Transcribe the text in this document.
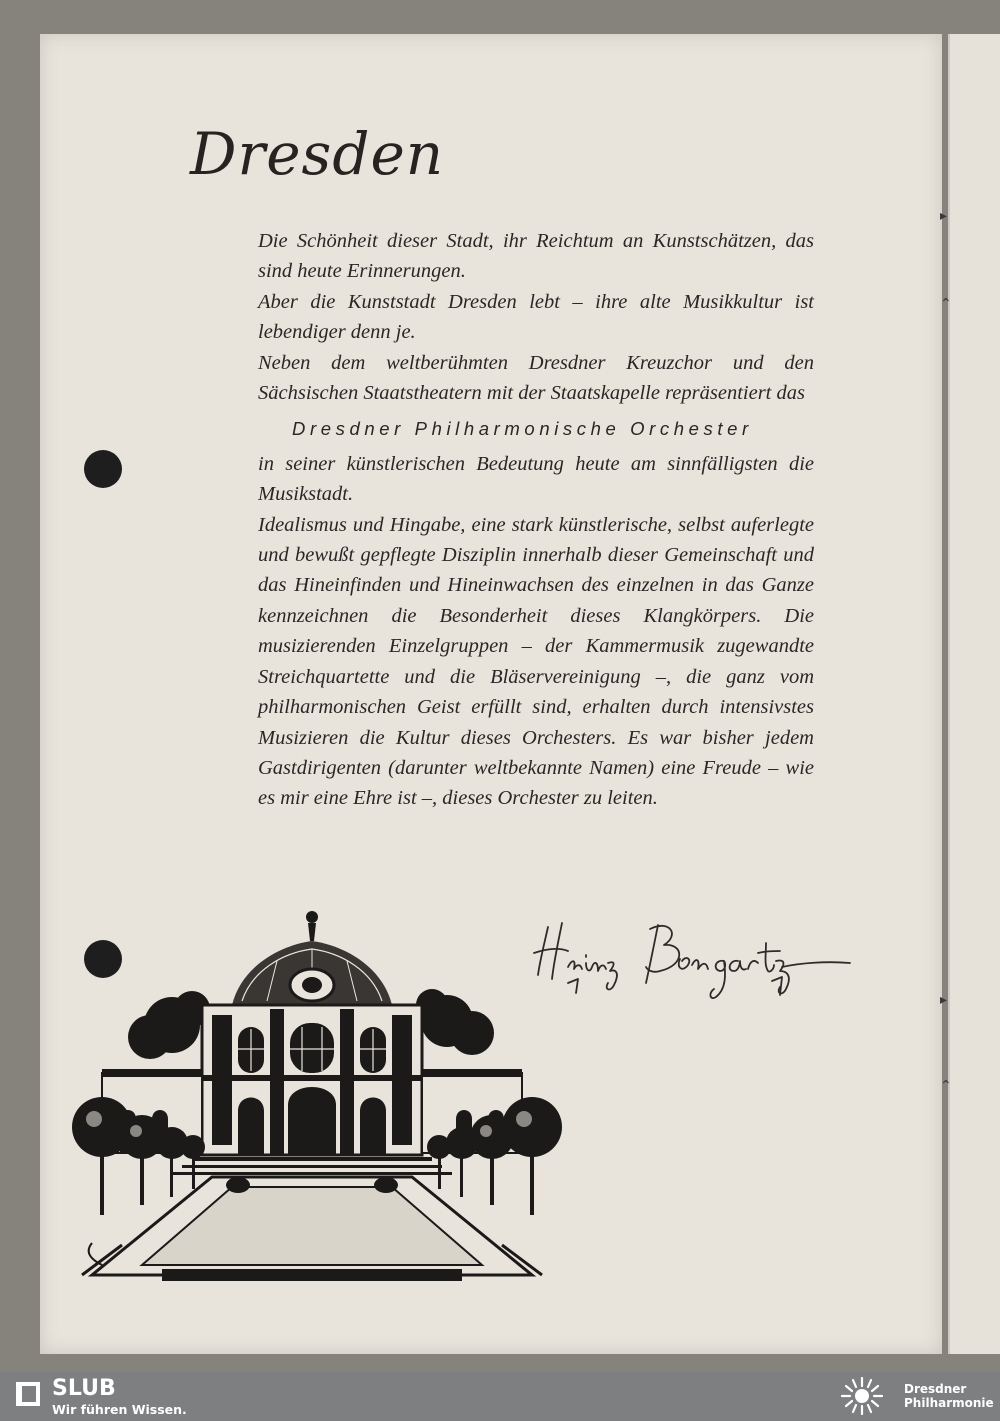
▸
⌃
▸
⌃
Dresden

Die Schönheit dieser Stadt, ihr Reichtum an Kunstschätzen, das sind heute Erinnerungen.

Aber die Kunststadt Dresden lebt – ihre alte Musikkultur ist lebendiger denn je.

Neben dem weltberühmten Dresdner Kreuzchor und den Sächsischen Staatstheatern mit der Staatskapelle repräsentiert das

Dresdner Philharmonische Orchester

in seiner künstlerischen Bedeutung heute am sinnfälligsten die Musikstadt.

Idealismus und Hingabe, eine stark künstlerische, selbst auferlegte und bewußt gepflegte Disziplin innerhalb dieser Gemeinschaft und das Hineinfinden und Hineinwachsen des einzelnen in das Ganze kennzeichnen die Besonderheit dieses Klangkörpers. Die musizierenden Einzelgruppen – der Kammermusik zugewandte Streichquartette und die Bläservereinigung –, die ganz vom philharmonischen Geist erfüllt sind, erhalten durch intensivstes Musizieren die Kultur dieses Orchesters. Es war bisher jedem Gastdirigenten (darunter weltbekannte Namen) eine Freude – wie es mir eine Ehre ist –, dieses Orchester zu leiten.

SLUB

Wir führen Wissen.

Dresdner
Philharmonie
